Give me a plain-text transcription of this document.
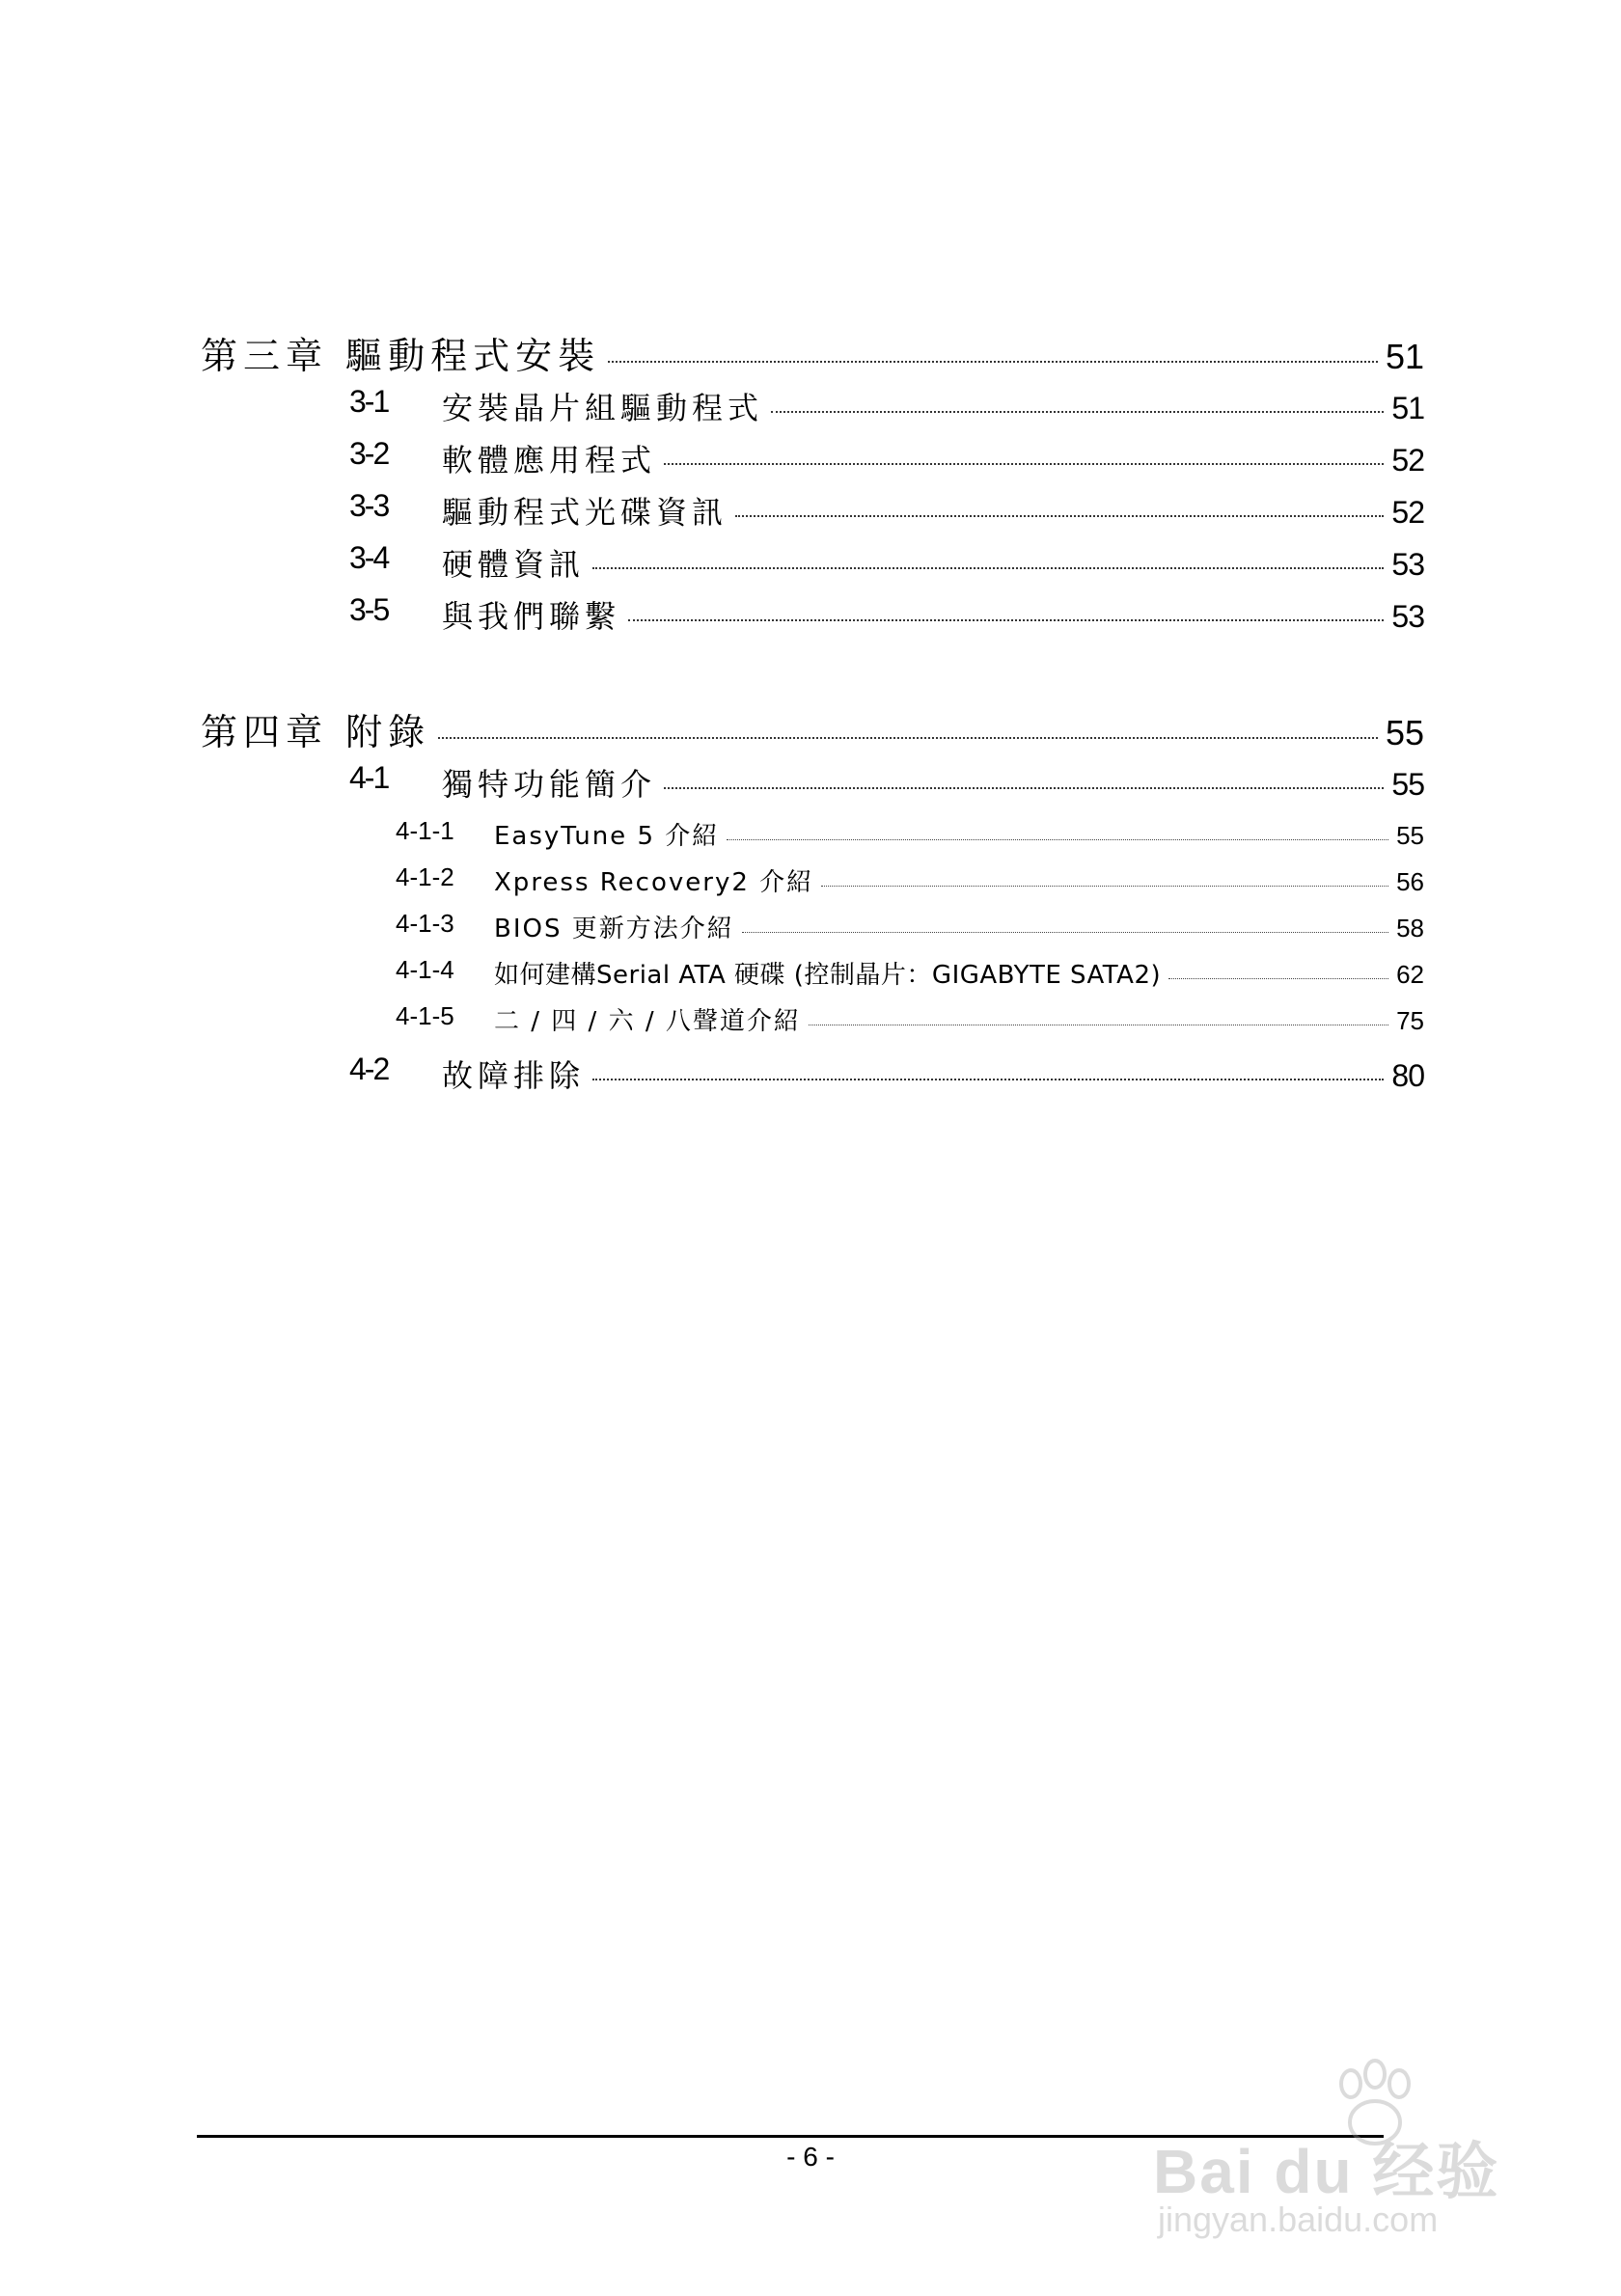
第三章 驅動程式安裝	51
3-1 安裝晶片組驅動程式	51
3-2 軟體應用程式	52
3-3 驅動程式光碟資訊	52
3-4 硬體資訊	53
3-5 與我們聯繫	53
第四章 附錄	55
4-1 獨特功能簡介	55
4-1-1 EasyTune 5 介紹	55
4-1-2 Xpress Recovery2 介紹	56
4-1-3 BIOS 更新方法介紹	58
4-1-4 如何建構Serial ATA 硬碟 (控制晶片：GIGABYTE SATA2)	62
4-1-5 二 / 四 / 六 / 八聲道介紹	75
4-2 故障排除	80
- 6 -	Bai du 经验
jingyan.baidu.com
